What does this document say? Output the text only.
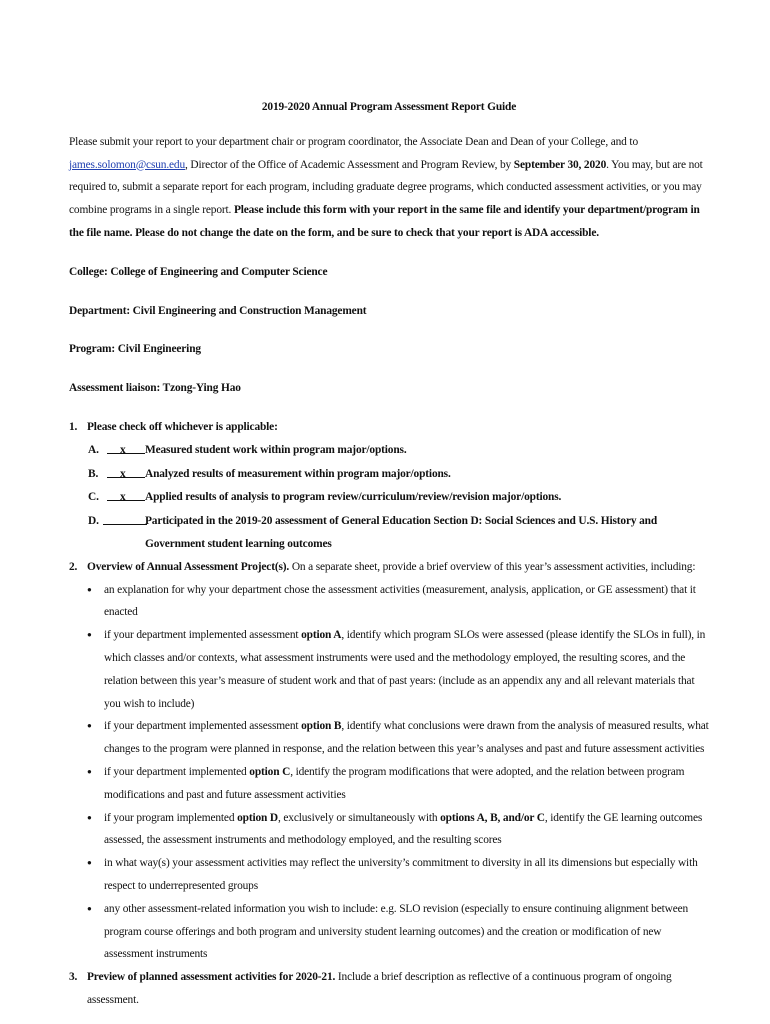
2019-2020 Annual Program Assessment Report Guide

Please submit your report to your department chair or program coordinator, the Associate Dean and Dean of your College, and to james.solomon@csun.edu, Director of the Office of Academic Assessment and Program Review, by September 30, 2020. You may, but are not required to, submit a separate report for each program, including graduate degree programs, which conducted assessment activities, or you may combine programs in a single report. Please include this form with your report in the same file and identify your department/program in the file name. Please do not change the date on the form, and be sure to check that your report is ADA accessible.

College: College of Engineering and Computer Science

Department: Civil Engineering and Construction Management

Program: Civil Engineering

Assessment liaison: Tzong-Ying Hao

1. Please check off whichever is applicable:
A.	x Measured student work within program major/options.
B.	x Analyzed results of measurement within program major/options.
C.	x Applied results of analysis to program review/curriculum/review/revision major/options.
D.	Participated in the 2019-20 assessment of General Education Section D: Social Sciences and U.S. History and Government student learning outcomes
2. Overview of Annual Assessment Project(s). On a separate sheet, provide a brief overview of this year’s assessment activities, including:
●	an explanation for why your department chose the assessment activities (measurement, analysis, application, or GE assessment) that it enacted
●	if your department implemented assessment option A, identify which program SLOs were assessed (please identify the SLOs in full), in which classes and/or contexts, what assessment instruments were used and the methodology employed, the resulting scores, and the relation between this year’s measure of student work and that of past years: (include as an appendix any and all relevant materials that you wish to include)
●	if your department implemented assessment option B, identify what conclusions were drawn from the analysis of measured results, what changes to the program were planned in response, and the relation between this year’s analyses and past and future assessment activities
●	if your department implemented option C, identify the program modifications that were adopted, and the relation between program modifications and past and future assessment activities
●	if your program implemented option D, exclusively or simultaneously with options A, B, and/or C, identify the GE learning outcomes assessed, the assessment instruments and methodology employed, and the resulting scores
●	in what way(s) your assessment activities may reflect the university’s commitment to diversity in all its dimensions but especially with respect to underrepresented groups
●	any other assessment-related information you wish to include: e.g. SLO revision (especially to ensure continuing alignment between program course offerings and both program and university student learning outcomes) and the creation or modification of new assessment instruments
3. Preview of planned assessment activities for 2020-21. Include a brief description as reflective of a continuous program of ongoing assessment.
